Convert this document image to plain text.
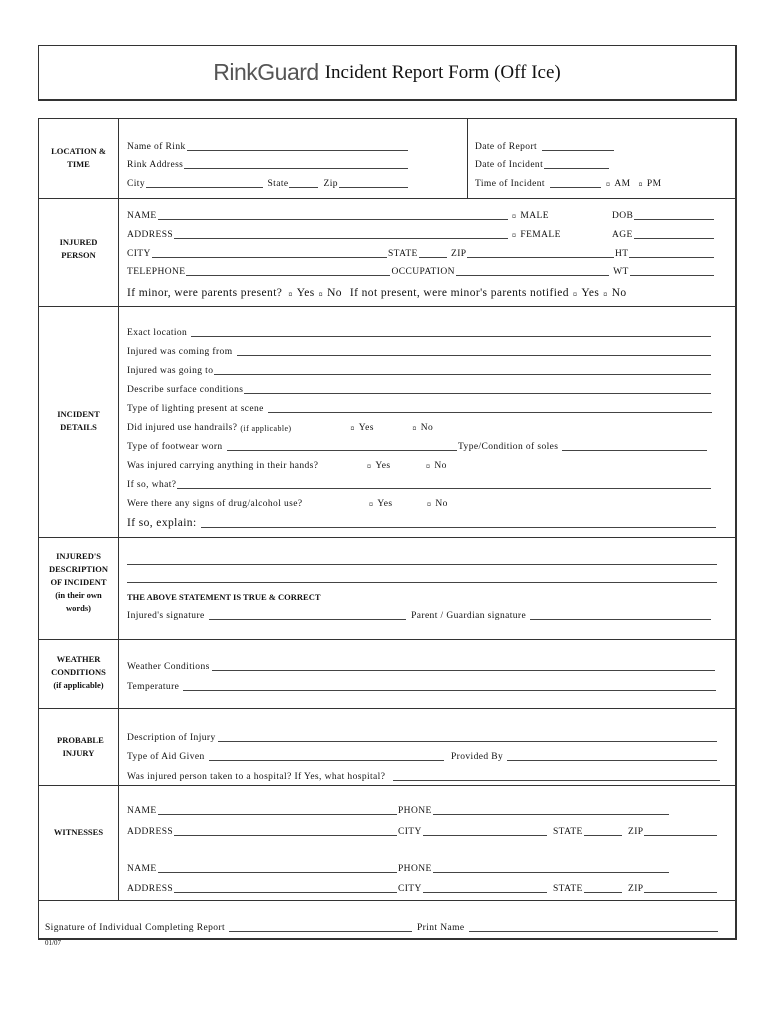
RinkGuard Incident Report Form (Off Ice)
LOCATION & TIME
Name of Rink
Rink Address
City	State	Zip
Date of Report
Date of Incident
Time of Incident	¤ AM ¤ PM
INJURED PERSON
NAME	¤ MALE	DOB
ADDRESS	¤ FEMALE	AGE
CITY	STATE	ZIP	HT
TELEPHONE	OCCUPATION	WT
If minor, were parents present? ¤ Yes ¤ No If not present, were minor's parents notified ¤ Yes ¤ No
INCIDENT DETAILS
Exact location
Injured was coming from
Injured was going to
Describe surface conditions
Type of lighting present at scene
Did injured use handrails? (if applicable)	¤ Yes	¤ No
Type of footwear worn	Type/Condition of soles
Was injured carrying anything in their hands?	¤ Yes	¤ No
If so, what?
Were there any signs of drug/alcohol use?	¤ Yes	¤ No
If so, explain:
INJURED'S DESCRIPTION OF INCIDENT (in their own words)
THE ABOVE STATEMENT IS TRUE & CORRECT
Injured's signature	Parent / Guardian signature
WEATHER CONDITIONS (if applicable)
Weather Conditions
Temperature
PROBABLE INJURY
Description of Injury
Type of Aid Given	Provided By
Was injured person taken to a hospital? If Yes, what hospital?
WITNESSES
NAME	PHONE
ADDRESS	CITY	STATE	ZIP
NAME	PHONE
ADDRESS	CITY	STATE	ZIP
Signature of Individual Completing Report	Print Name
01/07
